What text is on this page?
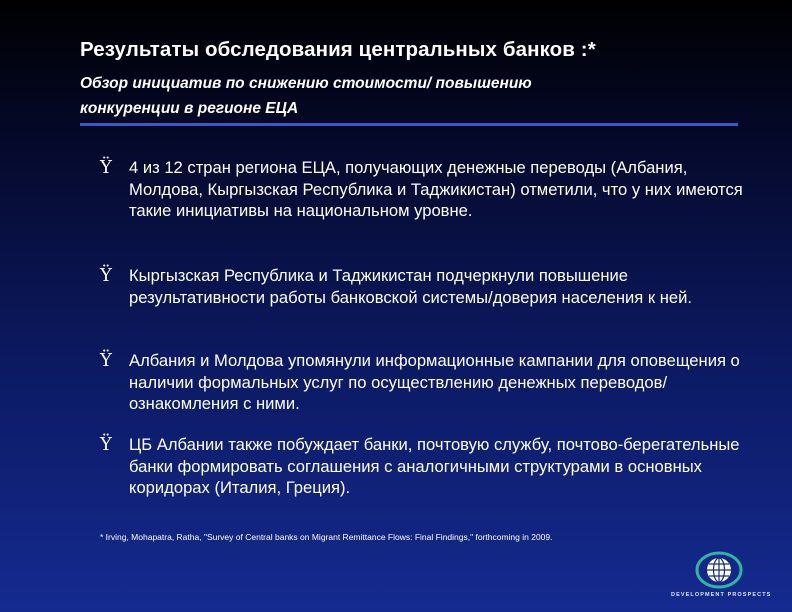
Результаты обследования центральных банков :*
Обзор инициатив по снижению стоимости/ повышению
конкуренции в регионе ЕЦА
Ÿ 4 из 12 стран региона ЕЦА, получающих денежные переводы (Албания, Молдова, Кыргызская Республика и Таджикистан) отметили, что у них имеются такие инициативы на национальном уровне.
Ÿ Кыргызская Республика и Таджикистан подчеркнули повышение результативности работы банковской системы/доверия населения к ней.
Ÿ Албания и Молдова упомянули информационные кампании для оповещения о наличии формальных услуг по осуществлению денежных переводов/ознакомления с ними.
Ÿ ЦБ Албании также побуждает банки, почтовую службу, почтово-берегательные банки формировать соглашения с аналогичными структурами в основных коридорах (Италия, Греция).
* Irving, Mohapatra, Ratha, "Survey of Central banks on Migrant Remittance Flows: Final Findings," forthcoming in 2009.
DEVELOPMENT PROSPECTS
